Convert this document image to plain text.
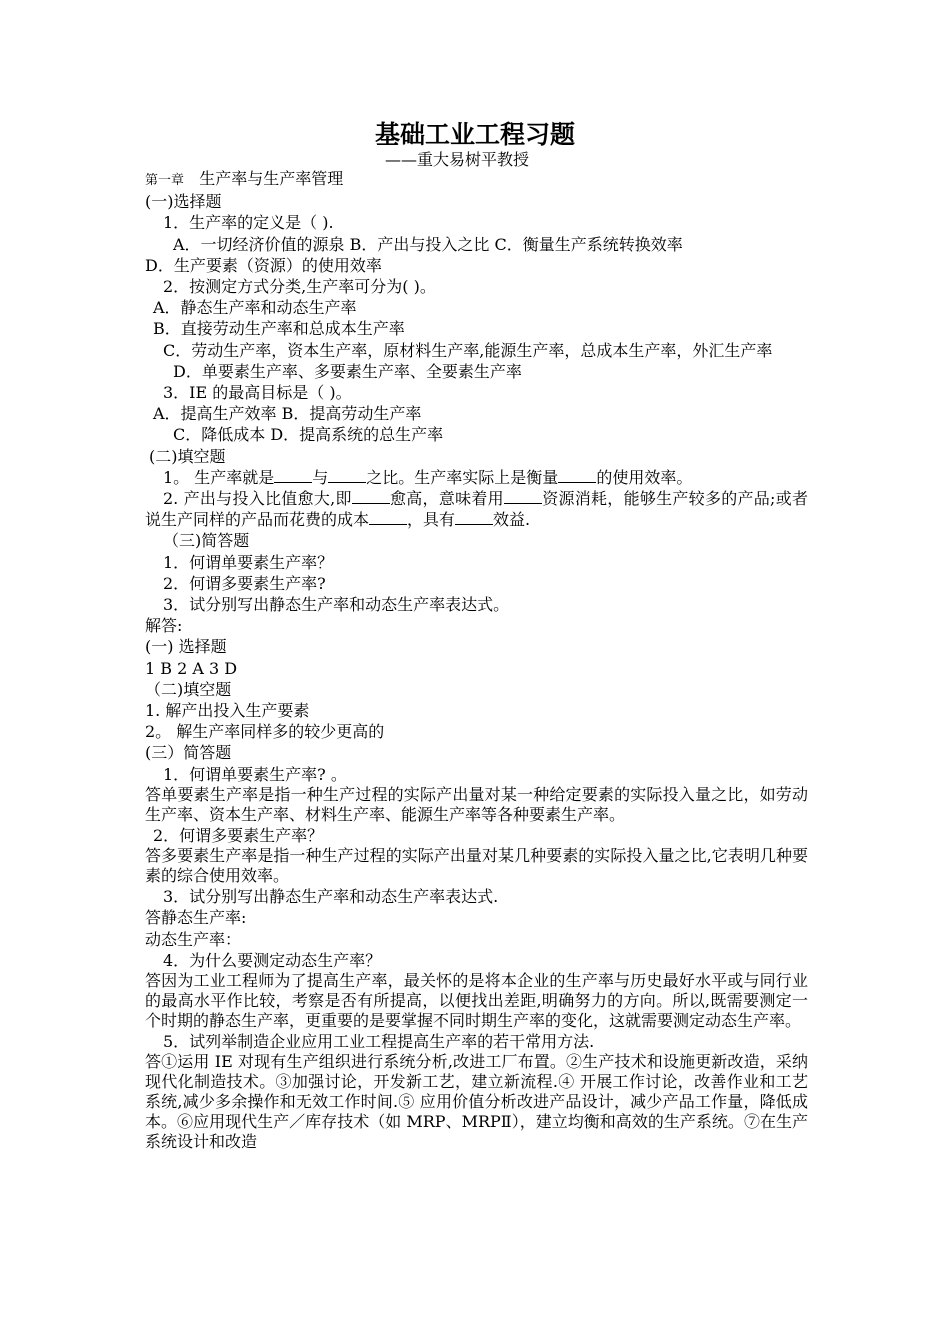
基础工业工程习题
——重大易树平教授
第一章 生产率与生产率管理
(一)选择题
1．生产率的定义是（ ).
A．一切经济价值的源泉 B．产出与投入之比 C．衡量生产系统转换效率
D．生产要素（资源）的使用效率
2．按测定方式分类,生产率可分为( )。
A．静态生产率和动态生产率
B．直接劳动生产率和总成本生产率
C．劳动生产率，资本生产率，原材料生产率,能源生产率，总成本生产率，外汇生产率
D．单要素生产率、多要素生产率、全要素生产率
3．IE 的最高目标是（ )。
A．提高生产效率 B．提高劳动生产率
C．降低成本 D．提高系统的总生产率
(二)填空题
1。 生产率就是 与 之比。生产率实际上是衡量 的使用效率。
2. 产出与投入比值愈大,即 愈高，意味着用 资源消耗，能够生产较多的产品;或者说生产同样的产品而花费的成本 ，具有 效益.
（三)简答题
1．何谓单要素生产率？
2．何谓多要素生产率?
3．试分别写出静态生产率和动态生产率表达式。
解答:
(一) 选择题
1 B 2 A 3 D
（二)填空题
1. 解产出投入生产要素
2。 解生产率同样多的较少更高的
(三）简答题
1．何谓单要素生产率? 。
答单要素生产率是指一种生产过程的实际产出量对某一种给定要素的实际投入量之比，如劳动生产率、资本生产率、材料生产率、能源生产率等各种要素生产率。
2．何谓多要素生产率？
答多要素生产率是指一种生产过程的实际产出量对某几种要素的实际投入量之比,它表明几种要素的综合使用效率。
3．试分别写出静态生产率和动态生产率表达式.
答静态生产率:
动态生产率：
4．为什么要测定动态生产率？
答因为工业工程师为了提高生产率，最关怀的是将本企业的生产率与历史最好水平或与同行业的最高水平作比较，考察是否有所提高，以便找出差距,明确努力的方向。所以,既需要测定一个时期的静态生产率，更重要的是要掌握不同时期生产率的变化，这就需要测定动态生产率。
5．试列举制造企业应用工业工程提高生产率的若干常用方法.
答①运用 IE 对现有生产组织进行系统分析,改进工厂布置。②生产技术和设施更新改造，采纳现代化制造技术。③加强讨论，开发新工艺，建立新流程.④ 开展工作讨论，改善作业和工艺系统,减少多余操作和无效工作时间.⑤ 应用价值分析改进产品设计，减少产品工作量，降低成本。⑥应用现代生产／库存技术（如 MRP、MRPⅡ），建立均衡和高效的生产系统。⑦在生产系统设计和改造
